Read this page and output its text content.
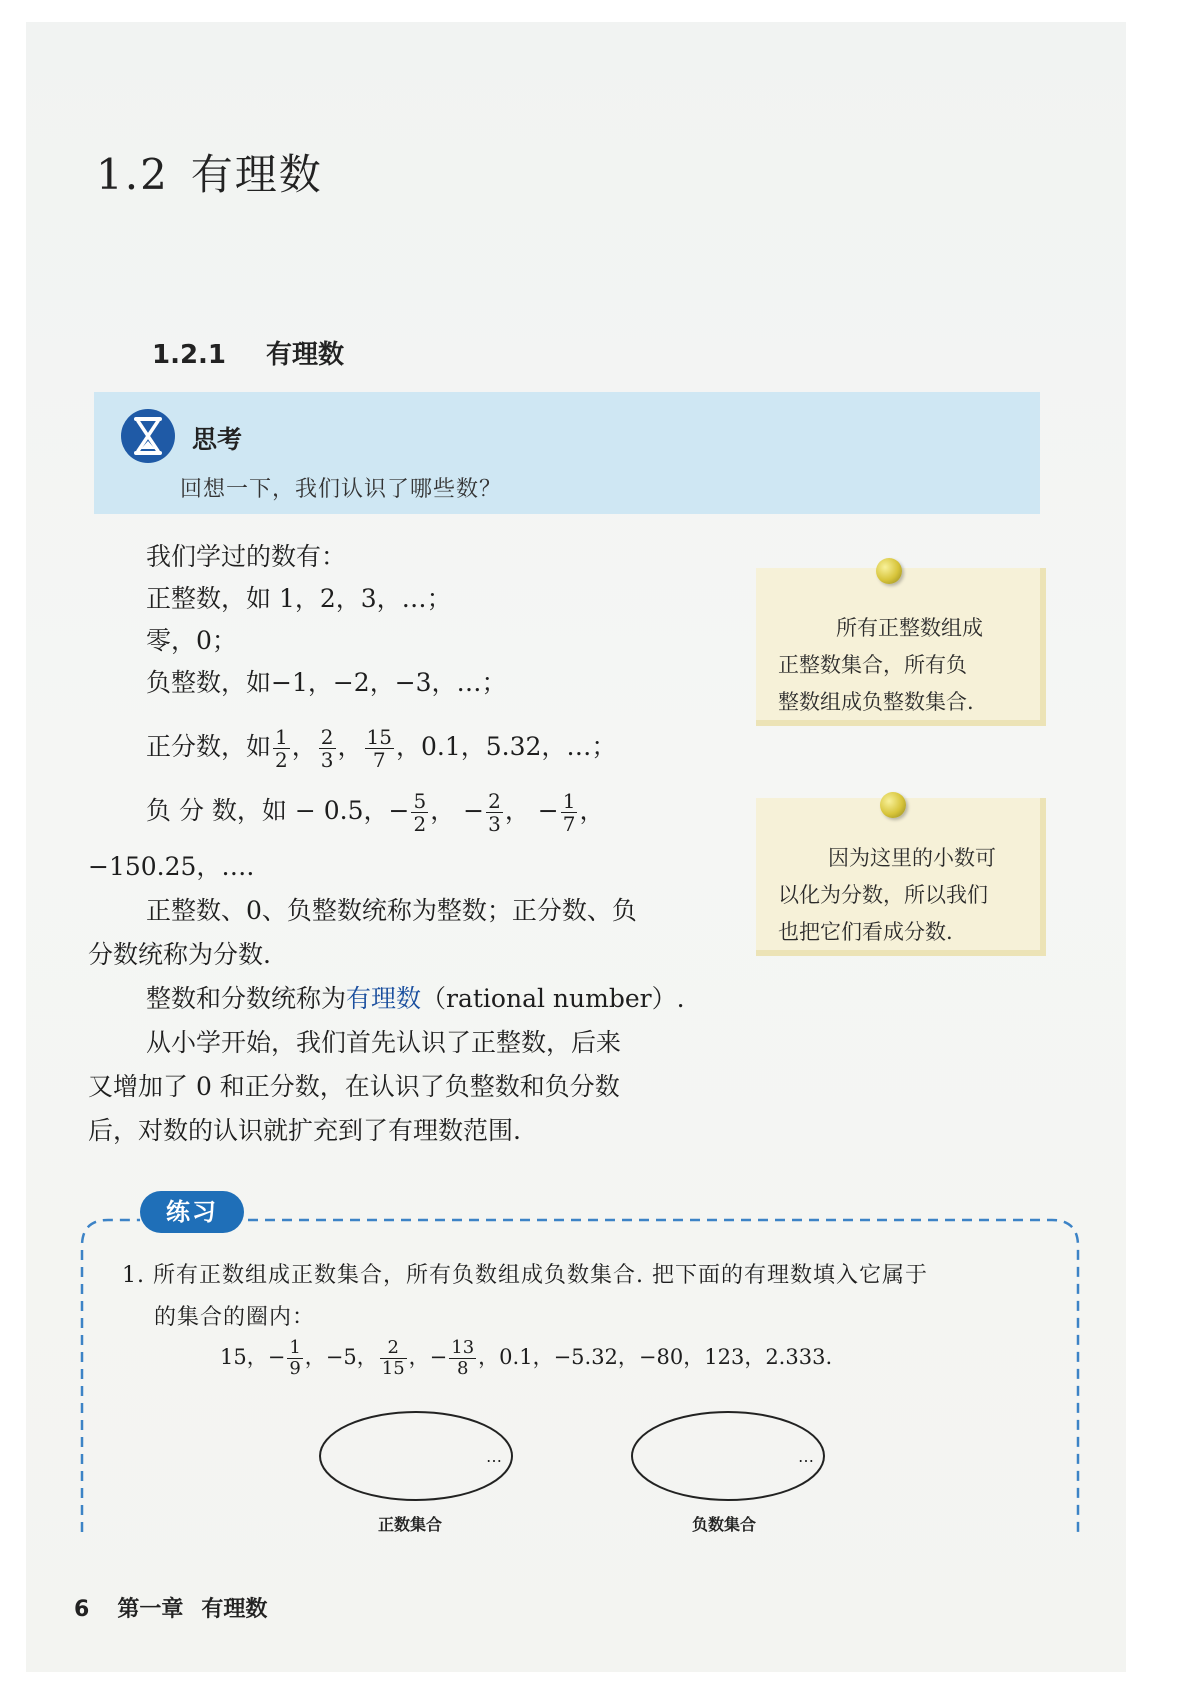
1.2 有理数
1.2.1 有理数
思考
回想一下，我们认识了哪些数？
我们学过的数有：
正整数，如 1，2，3，…；
零，0；
负整数，如−1，−2，−3，…；
正分数，如 $\frac{1}{2}$ ， $\frac{2}{3}$ ， $\frac{15}{7}$ ，0.1，5.32，…；
负 分 数，如 − 0.5，− $\frac{5}{2}$ ， − $\frac{2}{3}$ ， − $\frac{1}{7}$ ，
−150.25，….
正整数、0、负整数统称为整数；正分数、负
分数统称为分数.
整数和分数统称为有理数（rational number）.
从小学开始，我们首先认识了正整数，后来
又增加了 0 和正分数，在认识了负整数和负分数
后，对数的认识就扩充到了有理数范围.
所有正整数组成
正整数集合，所有负
整数组成负整数集合.
因为这里的小数可
以化为分数，所以我们
也把它们看成分数.
练习
1. 所有正数组成正数集合，所有负数组成负数集合. 把下面的有理数填入它属于
的集合的圈内：
15，− $\frac{1}{9}$ ，−5， $\frac{2}{15}$ ，− $\frac{13}{8}$ ，0.1，−5.32，−80，123，2.333.
…	…
正数集合	负数集合
6 第一章 有理数
